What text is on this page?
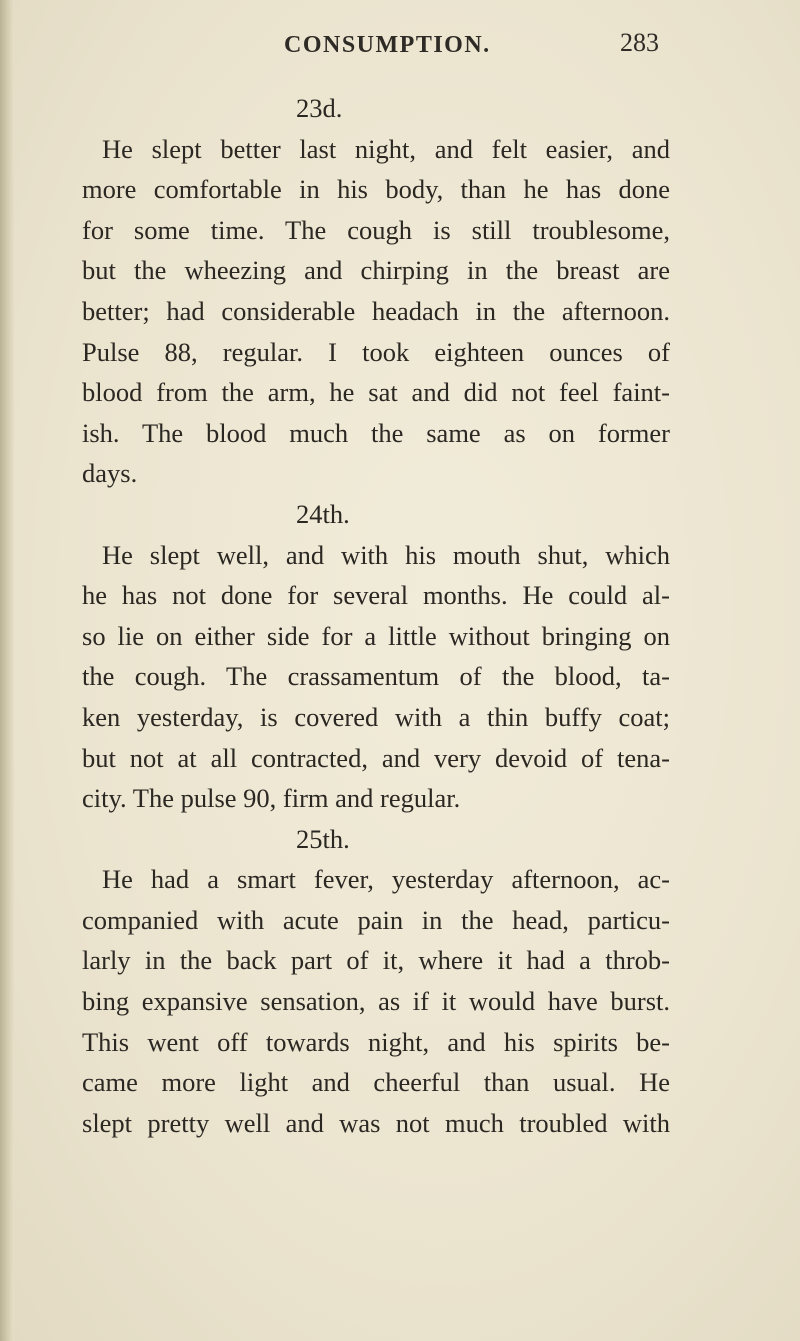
CONSUMPTION.	283
23d.
He slept better last night, and felt easier, and
more comfortable in his body, than he has done
for some time. The cough is still troublesome,
but the wheezing and chirping in the breast are
better; had considerable headach in the afternoon.
Pulse 88, regular. I took eighteen ounces of
blood from the arm, he sat and did not feel faint-
ish. The blood much the same as on former
days.
24th.
He slept well, and with his mouth shut, which
he has not done for several months. He could al-
so lie on either side for a little without bringing on
the cough. The crassamentum of the blood, ta-
ken yesterday, is covered with a thin buffy coat;
but not at all contracted, and very devoid of tena-
city. The pulse 90, firm and regular.
25th.
He had a smart fever, yesterday afternoon, ac-
companied with acute pain in the head, particu-
larly in the back part of it, where it had a throb-
bing expansive sensation, as if it would have burst.
This went off towards night, and his spirits be-
came more light and cheerful than usual. He
slept pretty well and was not much troubled with
